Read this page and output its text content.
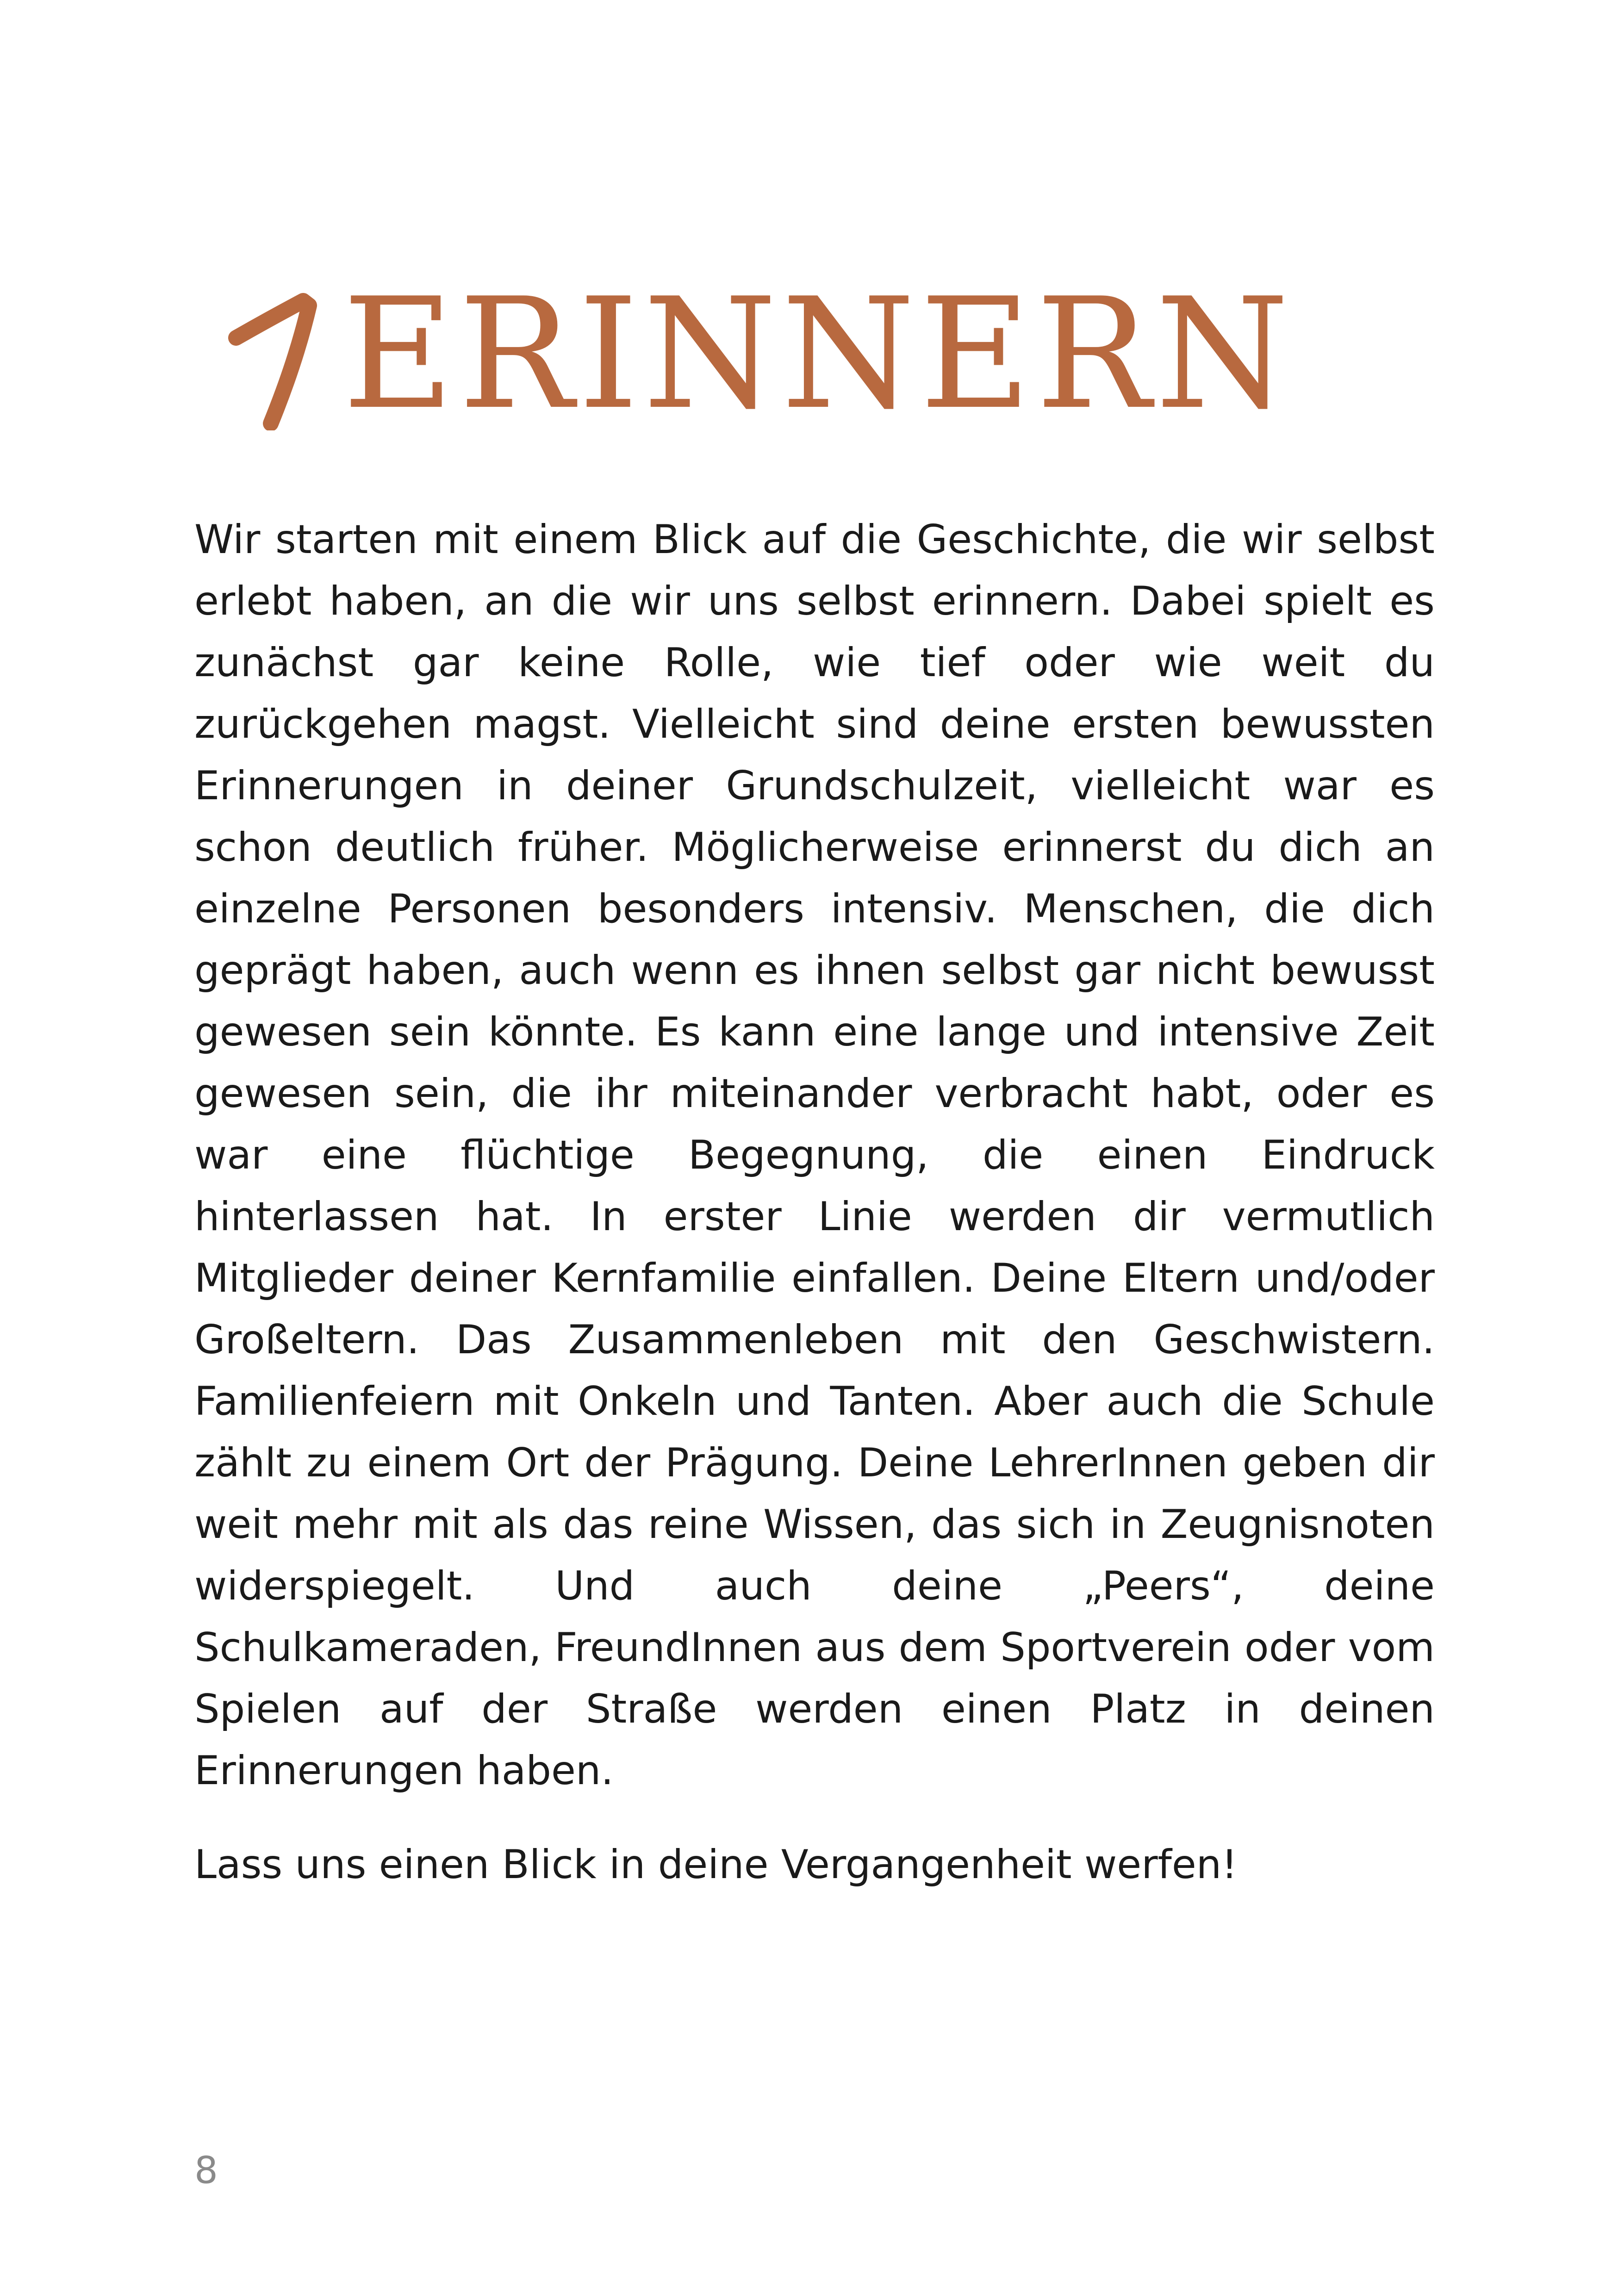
ERINNERN

Wir starten mit einem Blick auf die Geschichte, die wir selbst erlebt haben, an die wir uns selbst erinnern. Dabei spielt es zunächst gar keine Rolle, wie tief oder wie weit du zurückgehen magst. Vielleicht sind deine ersten bewussten Erinnerungen in deiner Grundschulzeit, vielleicht war es schon deutlich früher. Möglicherweise erinnerst du dich an einzelne Personen besonders intensiv. Menschen, die dich geprägt haben, auch wenn es ihnen selbst gar nicht bewusst gewesen sein könnte. Es kann eine lange und intensive Zeit gewesen sein, die ihr miteinander verbracht habt, oder es war eine flüchtige Begegnung, die einen Eindruck hinterlassen hat. In erster Linie werden dir vermutlich Mitglieder deiner Kernfamilie einfallen. Deine Eltern und/oder Großeltern. Das Zusammenleben mit den Geschwistern. Familienfeiern mit Onkeln und Tanten. Aber auch die Schule zählt zu einem Ort der Prägung. Deine LehrerInnen geben dir weit mehr mit als das reine Wissen, das sich in Zeugnisnoten widerspiegelt. Und auch deine „Peers“, deine Schulkameraden, FreundInnen aus dem Sportverein oder vom Spielen auf der Straße werden einen Platz in deinen Erinnerungen haben.

Lass uns einen Blick in deine Vergangenheit werfen!

8
